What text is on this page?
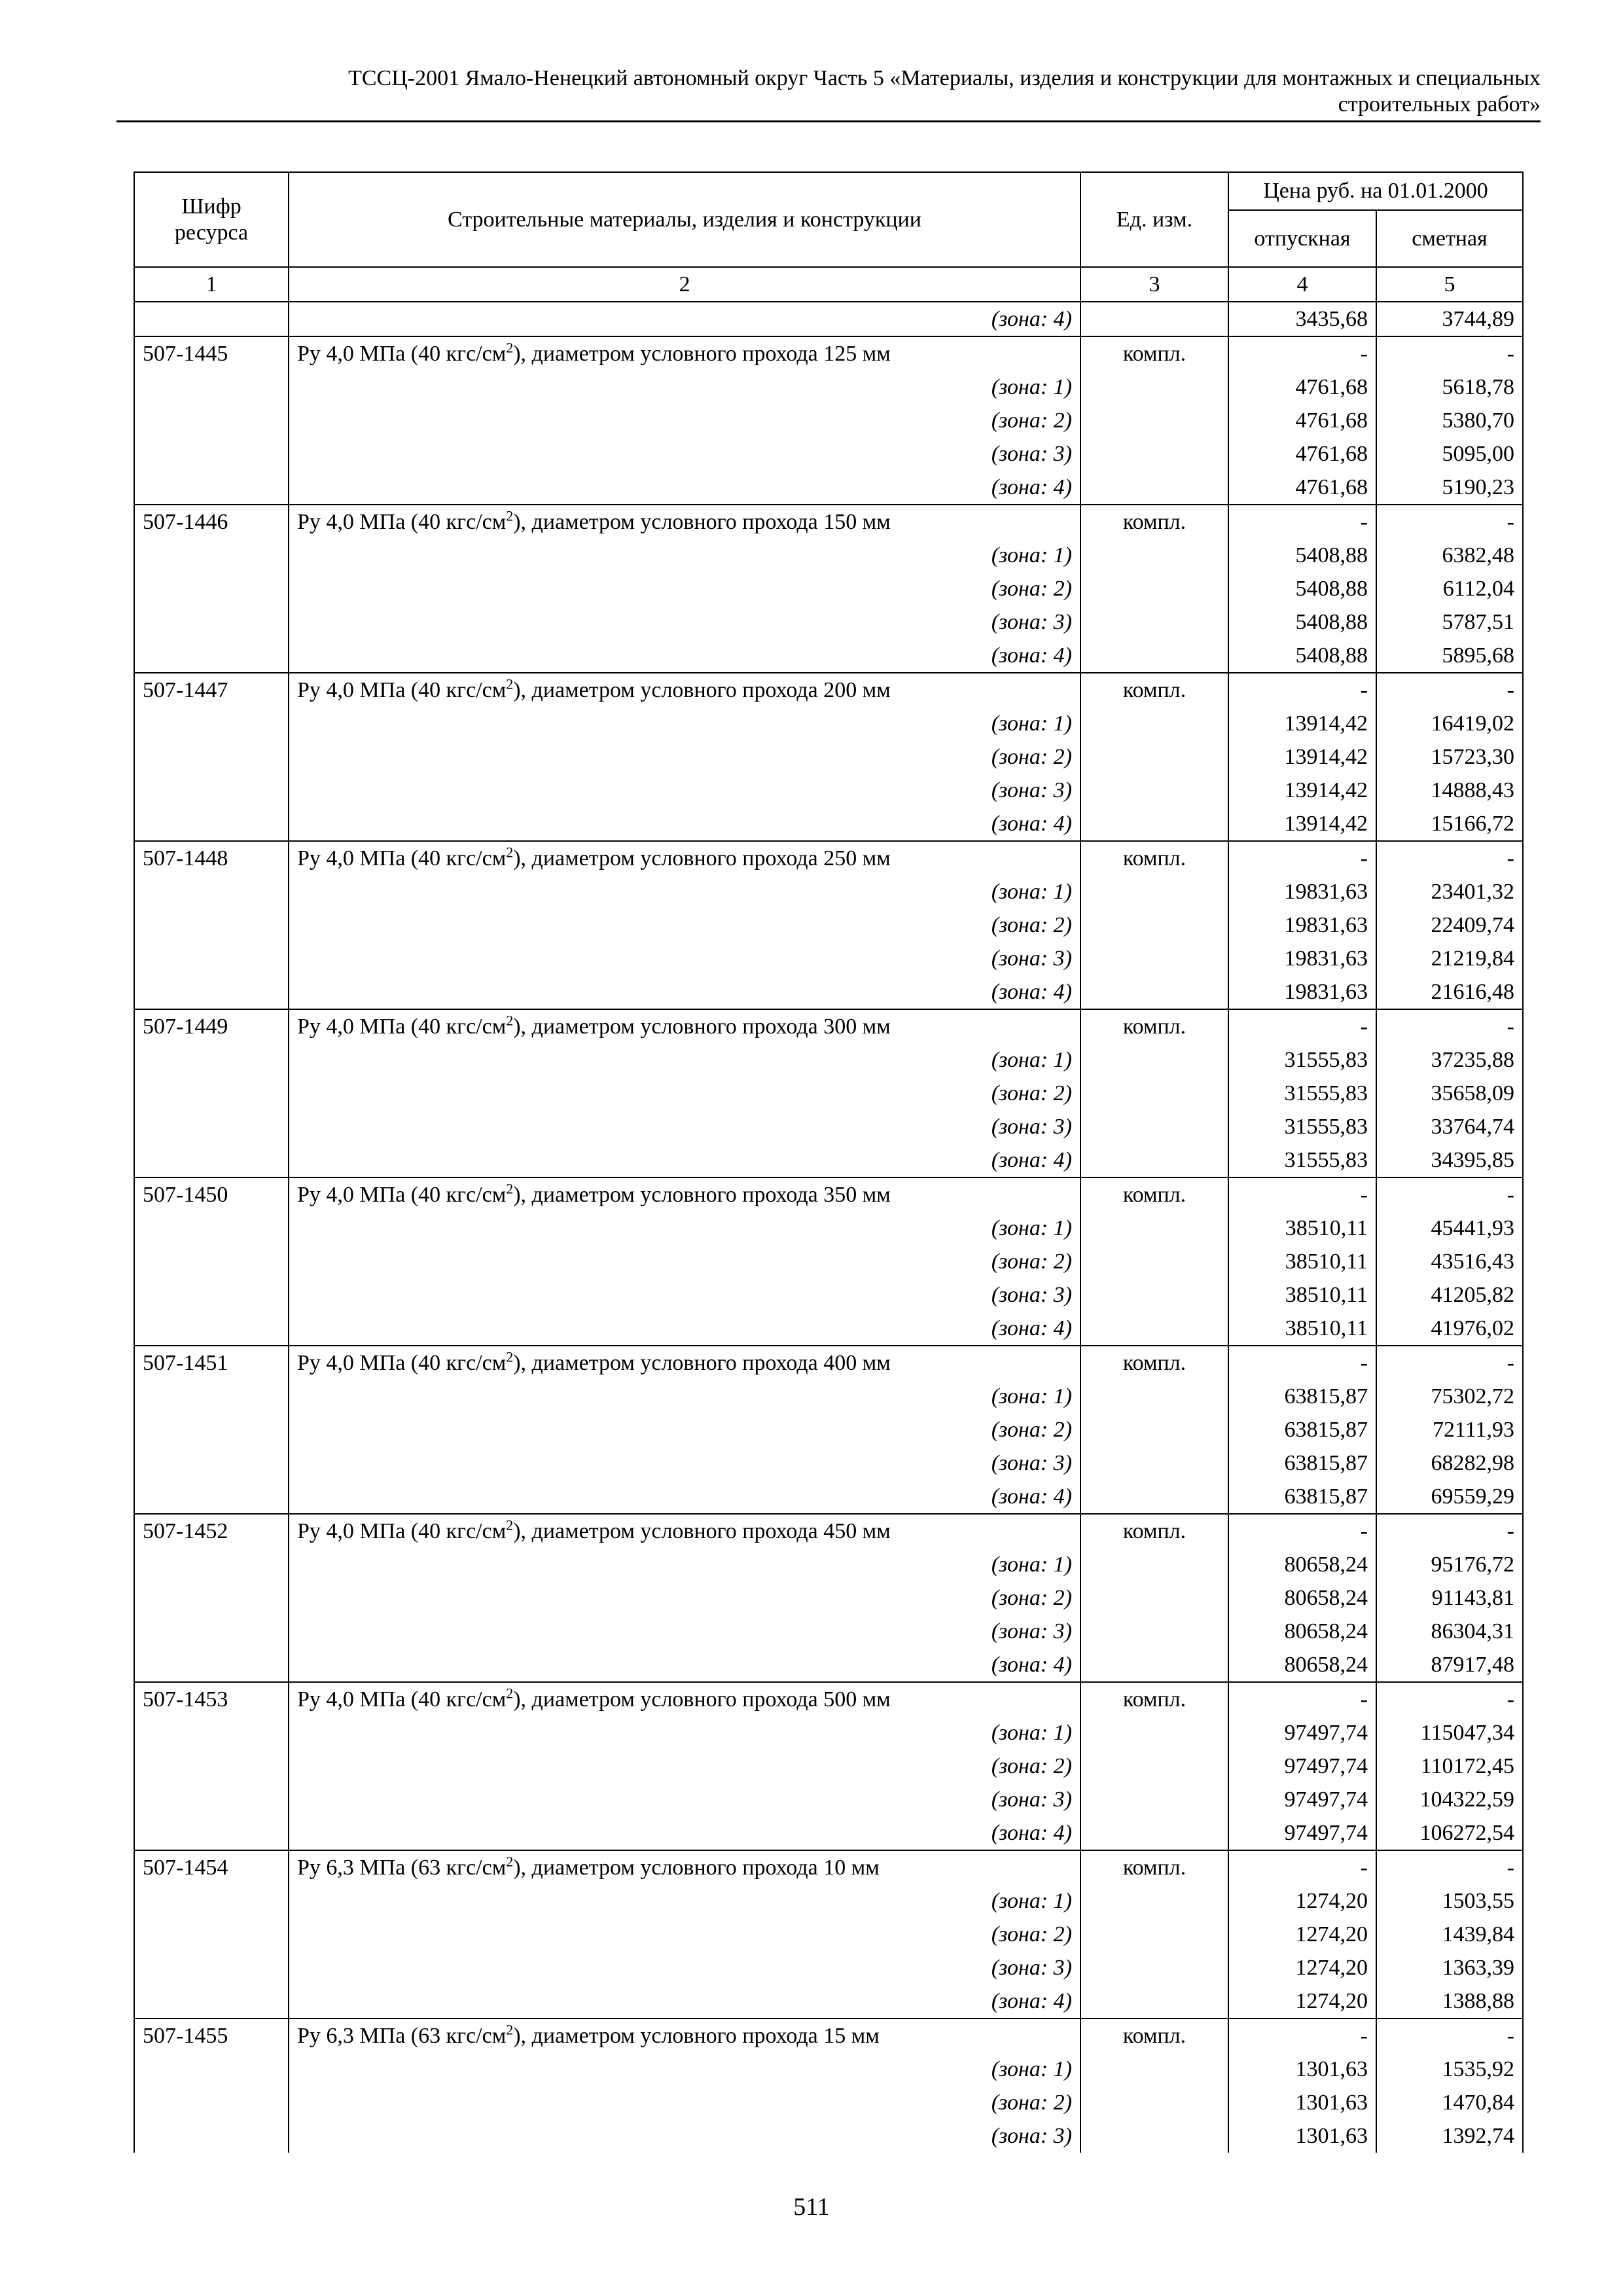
ТССЦ-2001 Ямало-Ненецкий автономный округ Часть 5 «Материалы, изделия и конструкции для монтажных и специальных
строительных работ»
Шифр ресурса	Строительные материалы, изделия и конструкции	Ед. изм.	Цена руб. на 01.01.2000	
			отпускная	сметная
1	2	3	4	5
	(зона: 4)		3435,68	3744,89
507-1445	Ру 4,0 МПа (40 кгс/$см^2$), диаметром условного прохода 125 мм	компл.	-	-
	(зона: 1)		4761,68	5618,78
	(зона: 2)		4761,68	5380,70
	(зона: 3)		4761,68	5095,00
	(зона: 4)		4761,68	5190,23
507-1446	Ру 4,0 МПа (40 кгс/$см^2$), диаметром условного прохода 150 мм	компл.	-	-
	(зона: 1)		5408,88	6382,48
	(зона: 2)		5408,88	6112,04
	(зона: 3)		5408,88	5787,51
	(зона: 4)		5408,88	5895,68
507-1447	Ру 4,0 МПа (40 кгс/$см^2$), диаметром условного прохода 200 мм	компл.	-	-
	(зона: 1)		13914,42	16419,02
	(зона: 2)		13914,42	15723,30
	(зона: 3)		13914,42	14888,43
	(зона: 4)		13914,42	15166,72
507-1448	Ру 4,0 МПа (40 кгс/$см^2$), диаметром условного прохода 250 мм	компл.	-	-
	(зона: 1)		19831,63	23401,32
	(зона: 2)		19831,63	22409,74
	(зона: 3)		19831,63	21219,84
	(зона: 4)		19831,63	21616,48
507-1449	Ру 4,0 МПа (40 кгс/$см^2$), диаметром условного прохода 300 мм	компл.	-	-
	(зона: 1)		31555,83	37235,88
	(зона: 2)		31555,83	35658,09
	(зона: 3)		31555,83	33764,74
	(зона: 4)		31555,83	34395,85
507-1450	Ру 4,0 МПа (40 кгс/$см^2$), диаметром условного прохода 350 мм	компл.	-	-
	(зона: 1)		38510,11	45441,93
	(зона: 2)		38510,11	43516,43
	(зона: 3)		38510,11	41205,82
	(зона: 4)		38510,11	41976,02
507-1451	Ру 4,0 МПа (40 кгс/$см^2$), диаметром условного прохода 400 мм	компл.	-	-
	(зона: 1)		63815,87	75302,72
	(зона: 2)		63815,87	72111,93
	(зона: 3)		63815,87	68282,98
	(зона: 4)		63815,87	69559,29
507-1452	Ру 4,0 МПа (40 кгс/$см^2$), диаметром условного прохода 450 мм	компл.	-	-
	(зона: 1)		80658,24	95176,72
	(зона: 2)		80658,24	91143,81
	(зона: 3)		80658,24	86304,31
	(зона: 4)		80658,24	87917,48
507-1453	Ру 4,0 МПа (40 кгс/$см^2$), диаметром условного прохода 500 мм	компл.	-	-
	(зона: 1)		97497,74	115047,34
	(зона: 2)		97497,74	110172,45
	(зона: 3)		97497,74	104322,59
	(зона: 4)		97497,74	106272,54
507-1454	Ру 6,3 МПа (63 кгс/$см^2$), диаметром условного прохода 10 мм	компл.	-	-
	(зона: 1)		1274,20	1503,55
	(зона: 2)		1274,20	1439,84
	(зона: 3)		1274,20	1363,39
	(зона: 4)		1274,20	1388,88
507-1455	Ру 6,3 МПа (63 кгс/$см^2$), диаметром условного прохода 15 мм	компл.	-	-
	(зона: 1)		1301,63	1535,92
	(зона: 2)		1301,63	1470,84
	(зона: 3)		1301,63	1392,74
511
